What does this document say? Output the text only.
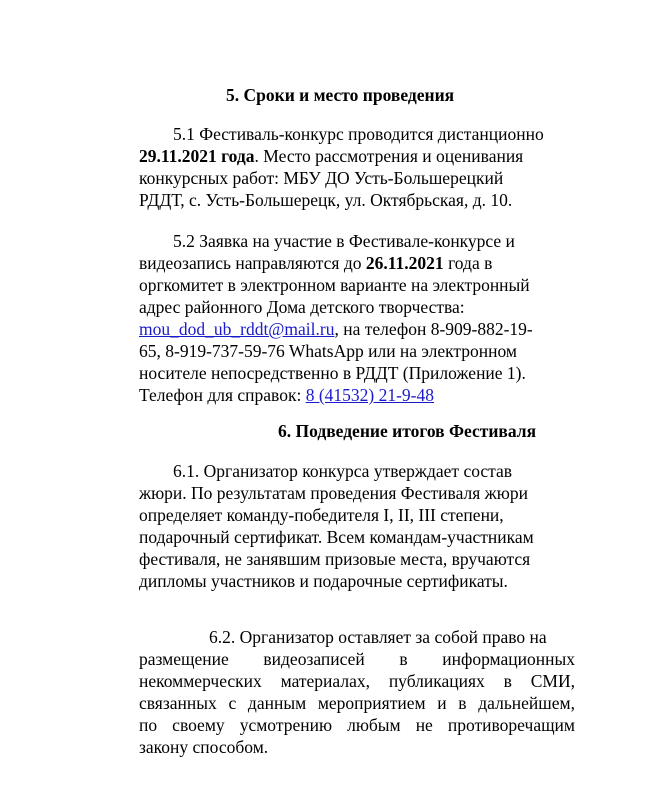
5. Сроки и место проведения
5.1 Фестиваль-конкурс проводится дистанционно
29.11.2021 года. Место рассмотрения и оценивания
конкурсных работ: МБУ ДО Усть-Большерецкий
РДДТ, с. Усть-Большерецк, ул. Октябрьская, д. 10.
5.2 Заявка на участие в Фестивале-конкурсе и
видеозапись направляются до 26.11.2021 года в
оргкомитет в электронном варианте на электронный
адрес районного Дома детского творчества:
mou_dod_ub_rddt@mail.ru, на телефон 8-909-882-19-
65, 8-919-737-59-76 WhatsApp или на электронном
носителе непосредственно в РДДТ (Приложение 1).
Телефон для справок: 8 (41532) 21-9-48
6. Подведение итогов Фестиваля
6.1. Организатор конкурса утверждает состав
жюри. По результатам проведения Фестиваля жюри
определяет команду-победителя I, II, III степени,
подарочный сертификат. Всем командам-участникам
фестиваля, не занявшим призовые места, вручаются
дипломы участников и подарочные сертификаты.
6.2. Организатор оставляет за собой право на
размещение видеозаписей в информационных
некоммерческих материалах, публикациях в СМИ,
связанных с данным мероприятием и в дальнейшем,
по своему усмотрению любым не противоречащим
закону способом.
